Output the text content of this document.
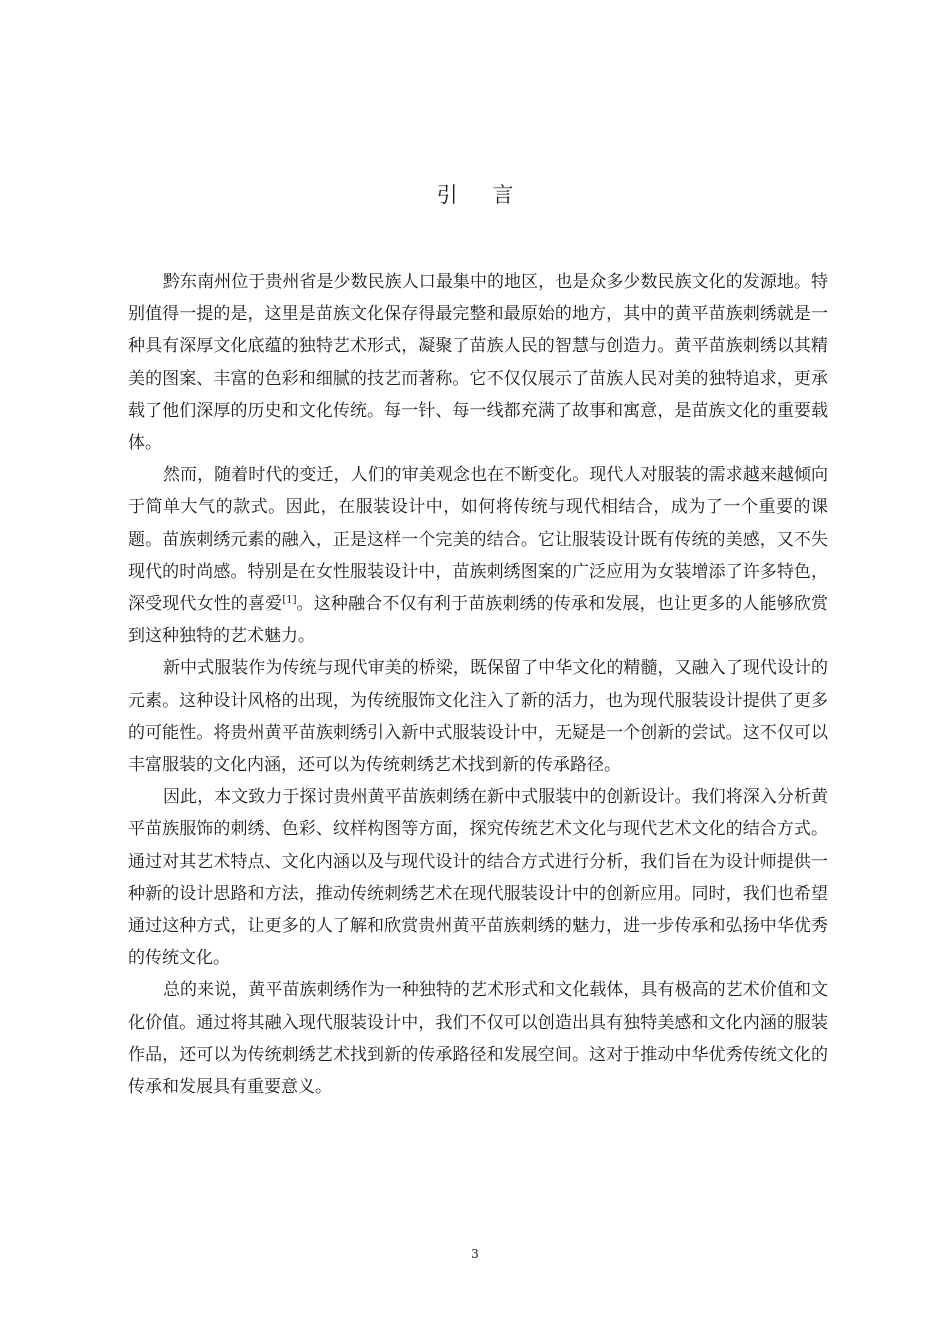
引 言

黔东南州位于贵州省是少数民族人口最集中的地区，也是众多少数民族文化的发源地。特别值得一提的是，这里是苗族文化保存得最完整和最原始的地方，其中的黄平苗族刺绣就是一种具有深厚文化底蕴的独特艺术形式，凝聚了苗族人民的智慧与创造力。黄平苗族刺绣以其精美的图案、丰富的色彩和细腻的技艺而著称。它不仅仅展示了苗族人民对美的独特追求，更承载了他们深厚的历史和文化传统。每一针、每一线都充满了故事和寓意，是苗族文化的重要载体。

然而，随着时代的变迁，人们的审美观念也在不断变化。现代人对服装的需求越来越倾向于简单大气的款式。因此，在服装设计中，如何将传统与现代相结合，成为了一个重要的课题。苗族刺绣元素的融入，正是这样一个完美的结合。它让服装设计既有传统的美感，又不失现代的时尚感。特别是在女性服装设计中，苗族刺绣图案的广泛应用为女装增添了许多特色，深受现代女性的喜爱[1]。这种融合不仅有利于苗族刺绣的传承和发展，也让更多的人能够欣赏到这种独特的艺术魅力。

新中式服装作为传统与现代审美的桥梁，既保留了中华文化的精髓，又融入了现代设计的元素。这种设计风格的出现，为传统服饰文化注入了新的活力，也为现代服装设计提供了更多的可能性。将贵州黄平苗族刺绣引入新中式服装设计中，无疑是一个创新的尝试。这不仅可以丰富服装的文化内涵，还可以为传统刺绣艺术找到新的传承路径。

因此，本文致力于探讨贵州黄平苗族刺绣在新中式服装中的创新设计。我们将深入分析黄平苗族服饰的刺绣、色彩、纹样构图等方面，探究传统艺术文化与现代艺术文化的结合方式。通过对其艺术特点、文化内涵以及与现代设计的结合方式进行分析，我们旨在为设计师提供一种新的设计思路和方法，推动传统刺绣艺术在现代服装设计中的创新应用。同时，我们也希望通过这种方式，让更多的人了解和欣赏贵州黄平苗族刺绣的魅力，进一步传承和弘扬中华优秀的传统文化。

总的来说，黄平苗族刺绣作为一种独特的艺术形式和文化载体，具有极高的艺术价值和文化价值。通过将其融入现代服装设计中，我们不仅可以创造出具有独特美感和文化内涵的服装作品，还可以为传统刺绣艺术找到新的传承路径和发展空间。这对于推动中华优秀传统文化的传承和发展具有重要意义。

3
